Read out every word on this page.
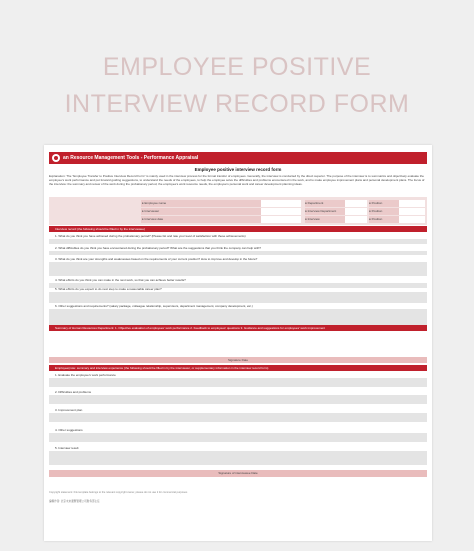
EMPLOYEE POSITIVE
INTERVIEW RECORD FORM
an Resource Management Tools - Performance Appraisal
Employee positive interview record form
Explanation: The "Employee Transfer to Positive Interview Record Form" is mainly used in the interview process for the formal transfer of employees. Generally, the interview is conducted by the direct superior. The purpose of the interview is to summarize and objectively evaluate the employee's work performance and put forward guiding suggestions, to understand the needs of the employees, to help the employee solve the difficulties and problems encountered in the work, and to make employee improvement plans and personal development plans. The focus of the interview: the summary and review of the work during the probationary period, the employee's work resource needs, the employee's personal work and career development planning ideas.
● Employee name	● Department	● Position
● Interviewer	● Interview Department	● Position
● Interview date	● Interview	● Position
Interview record (the following should be filled in by the interviewee)
1. What do you think you have achieved during the probationary period? (Please list and rate your level of satisfaction with these achievements)
2. What difficulties do you think you have encountered during the probationary period? What are the suggestions that you think the company can help with?
3. What do you think are your strengths and weaknesses based on the requirements of your current position? How to improve and develop in the future?
4. What efforts do you think you can make in the next work, so that you can achieve better results?
5. What efforts do you expect to do next step to make a reasonable career plan?
6. Other suggestions and requirements? (salary package, colleague relationship, supervisors, department management, company development, etc.)
Summary of Human Resources Department: 1. Objective evaluation of employees' work performance 2. Feedback to employees' questions 3. Guidance and suggestions for employees' work improvement
Signature Date
Employee(note: summary and interview experience (the following should be filled in by the interviewer, or supplementary information in the interview record form)
1. Evaluate the employee's work performance
2. Difficulties and problems
3. Improvement plan
4. Other suggestions
5. Interview result
Signature of interviewee Date
Copyright statement: this template belongs to the relevant copyright owner, please do not use it for commercial purposes
编辑作者: 北京未来课题管理公司财务部主任
